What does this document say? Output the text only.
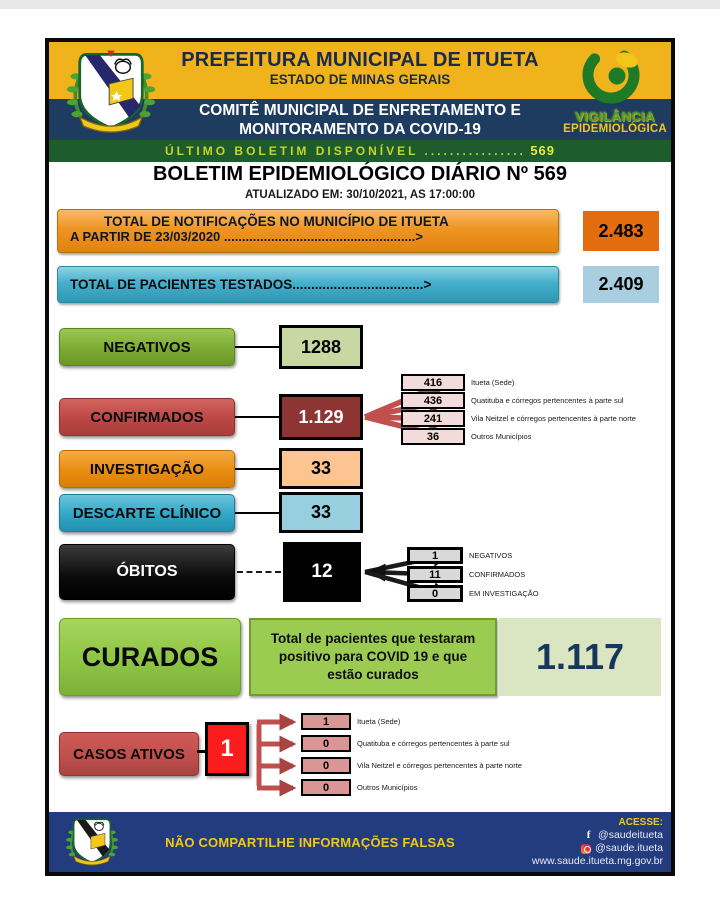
VIGILÂNCIA
EPIDEMIOLÓGICA
PREFEITURA MUNICIPAL DE ITUETA
ESTADO DE MINAS GERAIS
COMITÊ MUNICIPAL DE ENFRETAMENTO E
MONITORAMENTO DA COVID-19
ÚLTIMO BOLETIM DISPONÍVEL ................ 569
BOLETIM EPIDEMIOLÓGICO DIÁRIO Nº 569
ATUALIZADO EM: 30/10/2021, AS 17:00:00
TOTAL DE NOTIFICAÇÕES NO MUNICÍPIO DE ITUETA
A PARTIR DE 23/03/2020 .....................................................>	2.483
TOTAL DE PACIENTES TESTADOS...................................>	2.409
NEGATIVOS	1288
CONFIRMADOS	1.129
416	Itueta (Sede)
436	Quatituba e córregos pertencentes à parte sul
241	Vila Neitzel e córregos pertencentes à parte norte
36	Outros Municípios
INVESTIGAÇÃO	33
DESCARTE CLÍNICO	33
ÓBITOS	12
1	NEGATIVOS
11	CONFIRMADOS
0	EM INVESTIGAÇÃO
CURADOS
Total de pacientes que testaram positivo para COVID 19 e que estão curados	1.117
CASOS ATIVOS	1
1	Itueta (Sede)
0	Quatituba e córregos pertencentes à parte sul
0	Vila Neitzel e córregos pertencentes à parte norte
0	Outros Municípios
NÃO COMPARTILHE INFORMAÇÕES FALSAS
ACESSE:
f @saudeitueta
@saude.itueta
www.saude.itueta.mg.gov.br
